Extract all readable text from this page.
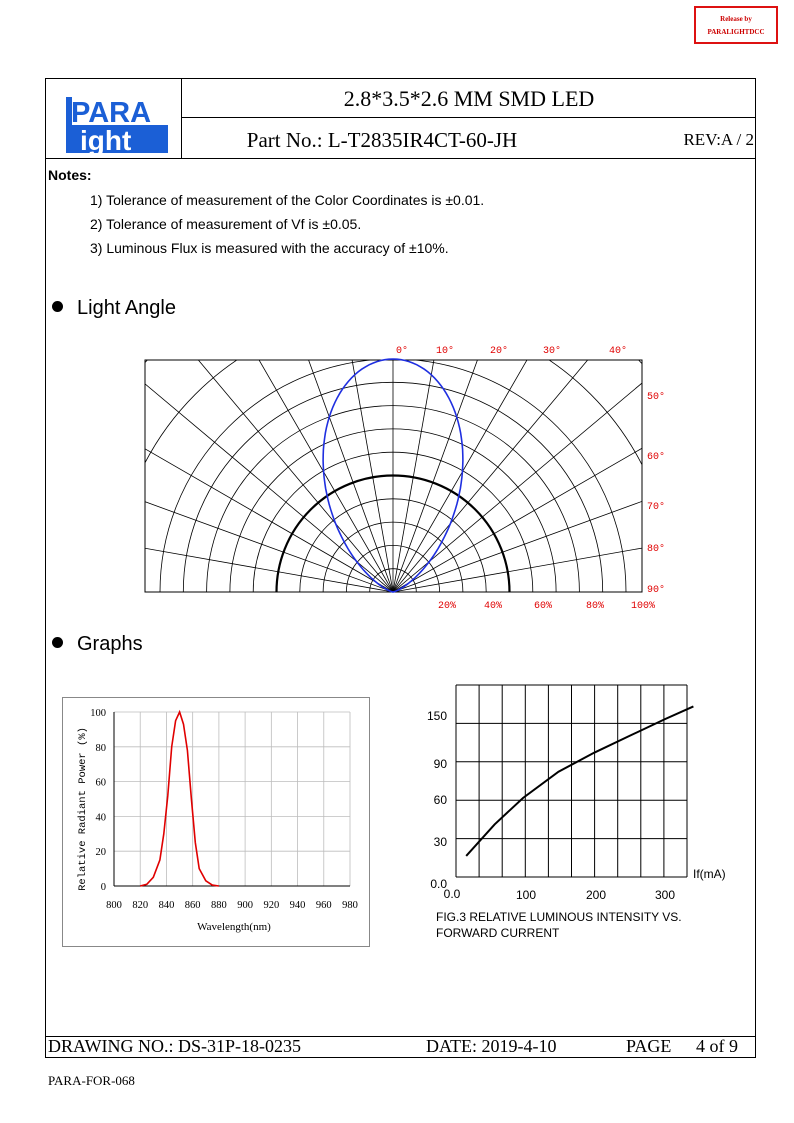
Release by
PARALIGHTDCC
PARA
ight
2.8*3.5*2.6 MM SMD LED
Part No.: L-T2835IR4CT-60-JH	REV:A / 2
Notes:
1) Tolerance of measurement of the Color Coordinates is ±0.01.
2) Tolerance of measurement of Vf is ±0.05.
3) Luminous Flux is measured with the accuracy of ±10%.
Light Angle
0°	10°	20°	30°	40°
50°
60°
70°
80°
90°
20%	40%	60%	80%	100%
Graphs
800 820 840 860 880 900 920 940 960 980
0
20
40
60
80
100
Wavelength(nm)
Relative Radiant Power (%)	30
60
90
150
0.0
0.0	100	200	300
If(mA)
FIG.3 RELATIVE LUMINOUS INTENSITY VS. FORWARD CURRENT
DRAWING NO.: DS-31P-18-0235	DATE: 2019-4-10	PAGE 4 of 9
PARA-FOR-068
